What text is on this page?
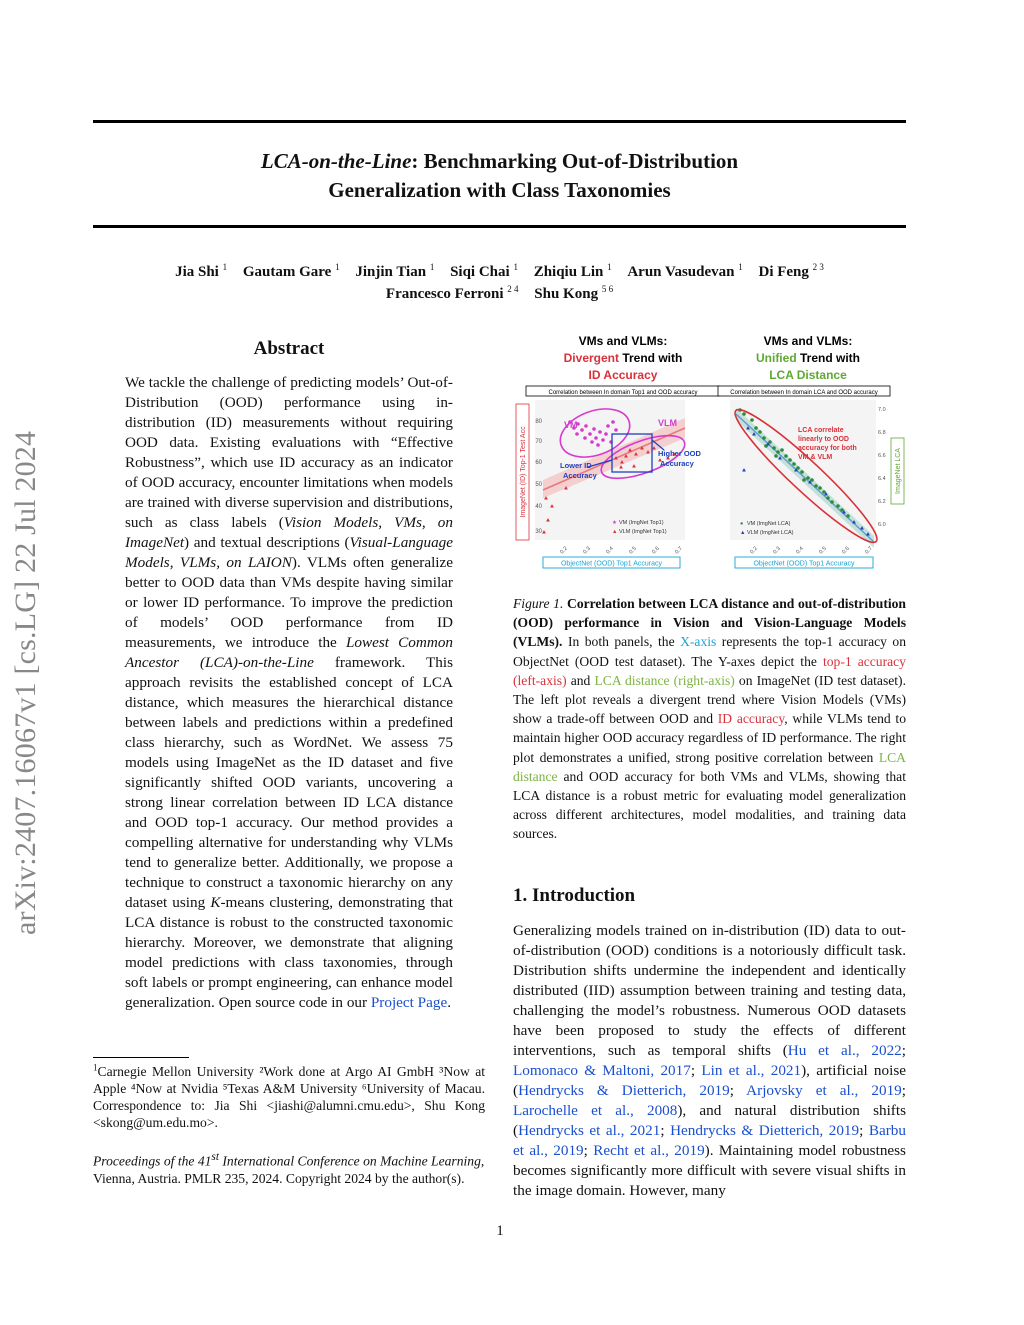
LCA-on-the-Line: Benchmarking Out-of-Distribution
Generalization with Class Taxonomies
Jia Shi $^1$ Gautam Gare $^1$ Jinjin Tian $^1$ Siqi Chai $^1$ Zhiqiu Lin $^1$ Arun Vasudevan $^1$ Di Feng $^{2 3}$
Francesco Ferroni $^{2 4}$ Shu Kong $^{5 6}$
arXiv:2407.16067v1 [cs.LG] 22 Jul 2024
Abstract
We tackle the challenge of predicting models’ Out-of-Distribution (OOD) performance using in-distribution (ID) measurements without requiring OOD data. Existing evaluations with “Effective Robustness”, which use ID accuracy as an indicator of OOD accuracy, encounter limitations when models are trained with diverse supervision and distributions, such as class labels (Vision Models, VMs, on ImageNet) and textual descriptions (Visual-Language Models, VLMs, on LAION). VLMs often generalize better to OOD data than VMs despite having similar or lower ID performance. To improve the prediction of models’ OOD performance from ID measurements, we introduce the Lowest Common Ancestor (LCA)-on-the-Line framework. This approach revisits the established concept of LCA distance, which measures the hierarchical distance between labels and predictions within a predefined class hierarchy, such as WordNet. We assess 75 models using ImageNet as the ID dataset and five significantly shifted OOD variants, uncovering a strong linear correlation between ID LCA distance and OOD top-1 accuracy. Our method provides a compelling alternative for understanding why VLMs tend to generalize better. Additionally, we propose a technique to construct a taxonomic hierarchy on any dataset using K-means clustering, demonstrating that LCA distance is robust to the constructed taxonomic hierarchy. Moreover, we demonstrate that aligning model predictions with class taxonomies, through soft labels or prompt engineering, can enhance model generalization. Open source code in our Project Page.
$^1$Carnegie Mellon University ²Work done at Argo AI GmbH ³Now at Apple ⁴Now at Nvidia ⁵Texas A&M University ⁶University of Macau. Correspondence to: Jia Shi <jiashi@alumni.cmu.edu>, Shu Kong <skong@um.edu.mo>.
Proceedings of the 41st International Conference on Machine Learning, Vienna, Austria. PMLR 235, 2024. Copyright 2024 by the author(s).
VMs and VLMs:
Divergent Trend with
ID Accuracy
Correlation between In domain Top1 and OOD accuracy
ImageNet (ID) Top-1 Test Acc
80
70
60
50
40
30
VM	VLM
Lower ID
Accuracy
Higher OOD
Accuracy
★ VM (ImgNet Top1)
▲ VLM (ImgNet Top1)
0.2 0.3 0.4 0.5 0.6 0.7
ObjectNet (OOD) Top1 Accuracy
VMs and VLMs:
Unified Trend with
LCA Distance
Correlation between In domain LCA and OOD accuracy
LCA correlate
linearly to OOD
accuracy for both
VM & VLM
7.0
6.8
6.6
6.4
6.2
6.0
ImageNet LCA
● VM (ImgNet LCA)
▲ VLM (ImgNet LCA)
0.2 0.3 0.4 0.5 0.6 0.7
ObjectNet (OOD) Top1 Accuracy
Figure 1. Correlation between LCA distance and out-of-distribution (OOD) performance in Vision and Vision-Language Models (VLMs). In both panels, the X-axis represents the top-1 accuracy on ObjectNet (OOD test dataset). The Y-axes depict the top-1 accuracy (left-axis) and LCA distance (right-axis) on ImageNet (ID test dataset). The left plot reveals a divergent trend where Vision Models (VMs) show a trade-off between OOD and ID accuracy, while VLMs tend to maintain higher OOD accuracy regardless of ID performance. The right plot demonstrates a unified, strong positive correlation between LCA distance and OOD accuracy for both VMs and VLMs, showing that LCA distance is a robust metric for evaluating model generalization across different architectures, model modalities, and training data sources.
1. Introduction
Generalizing models trained on in-distribution (ID) data to out-of-distribution (OOD) conditions is a notoriously difficult task. Distribution shifts undermine the independent and identically distributed (IID) assumption between training and testing data, challenging the model’s robustness. Numerous OOD datasets have been proposed to study the effects of different interventions, such as temporal shifts (Hu et al., 2022; Lomonaco & Maltoni, 2017; Lin et al., 2021), artificial noise (Hendrycks & Dietterich, 2019; Arjovsky et al., 2019; Larochelle et al., 2008), and natural distribution shifts (Hendrycks et al., 2021; Hendrycks & Dietterich, 2019; Barbu et al., 2019; Recht et al., 2019). Maintaining model robustness becomes significantly more difficult with severe visual shifts in the image domain. However, many
1
